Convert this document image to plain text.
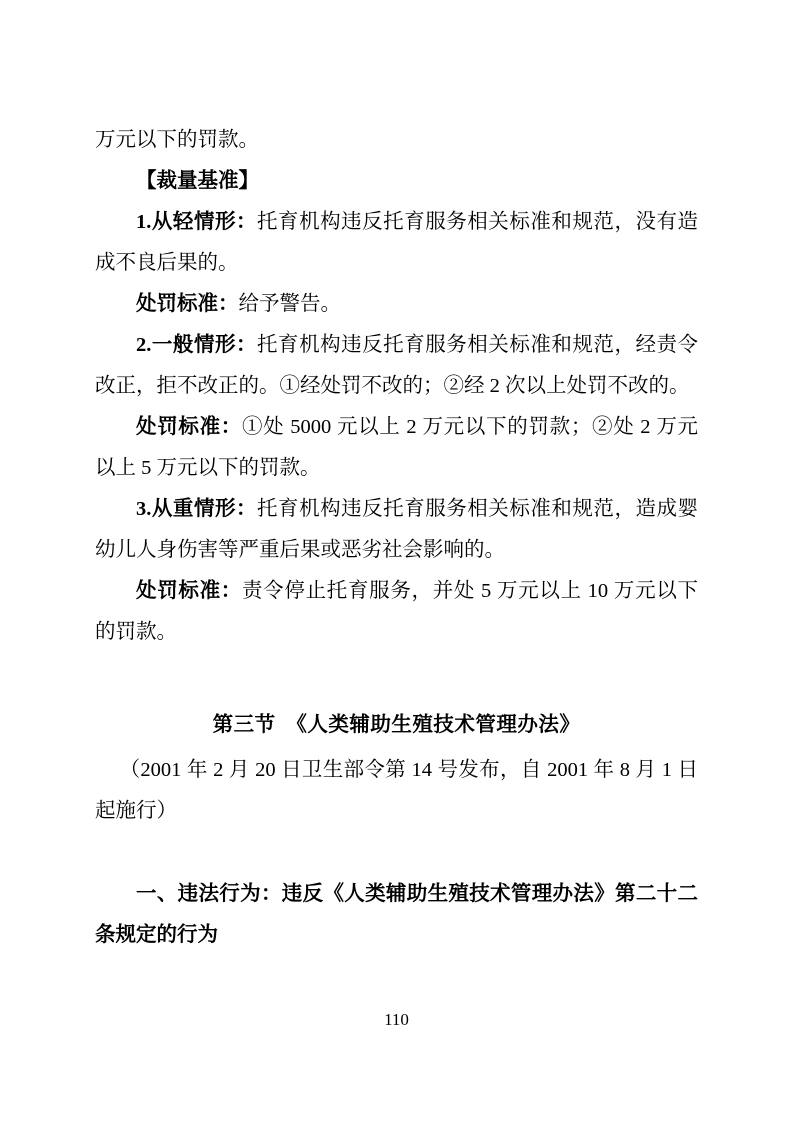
万元以下的罚款。

【裁量基准】

1.从轻情形：托育机构违反托育服务相关标准和规范，没有造成不良后果的。

处罚标准：给予警告。

2.一般情形：托育机构违反托育服务相关标准和规范，经责令改正，拒不改正的。①经处罚不改的；②经 2 次以上处罚不改的。

处罚标准：①处 5000 元以上 2 万元以下的罚款；②处 2 万元以上 5 万元以下的罚款。

3.从重情形：托育机构违反托育服务相关标准和规范，造成婴幼儿人身伤害等严重后果或恶劣社会影响的。

处罚标准：责令停止托育服务，并处 5 万元以上 10 万元以下的罚款。

第三节　《人类辅助生殖技术管理办法》

（2001 年 2 月 20 日卫生部令第 14 号发布，自 2001 年 8 月 1 日起施行）

一、违法行为：违反《人类辅助生殖技术管理办法》第二十二条规定的行为

110
